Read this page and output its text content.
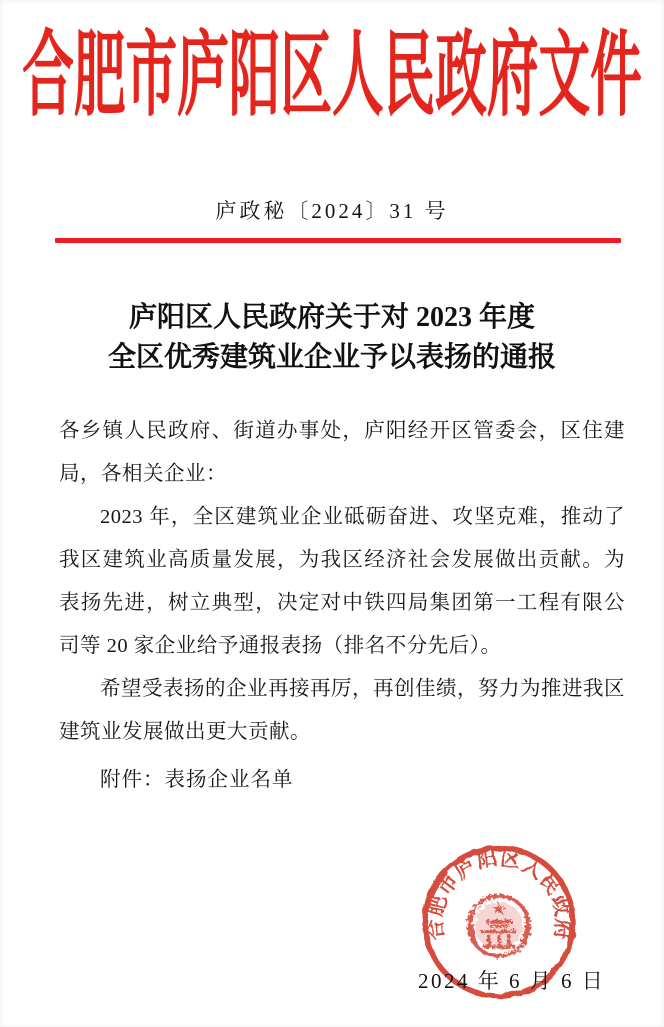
合肥市庐阳区人民政府文件
庐政秘〔2024〕31 号
庐阳区人民政府关于对 2023 年度
全区优秀建筑业企业予以表扬的通报

各乡镇人民政府、街道办事处，庐阳经开区管委会，区住建局，各相关企业：

2023 年，全区建筑业企业砥砺奋进、攻坚克难，推动了我区建筑业高质量发展，为我区经济社会发展做出贡献。为表扬先进，树立典型，决定对中铁四局集团第一工程有限公司等 20 家企业给予通报表扬（排名不分先后）。

希望受表扬的企业再接再厉，再创佳绩，努力为推进我区建筑业发展做出更大贡献。

附件：表扬企业名单
2024 年 6 月 6 日
合肥市庐阳区人民政府
